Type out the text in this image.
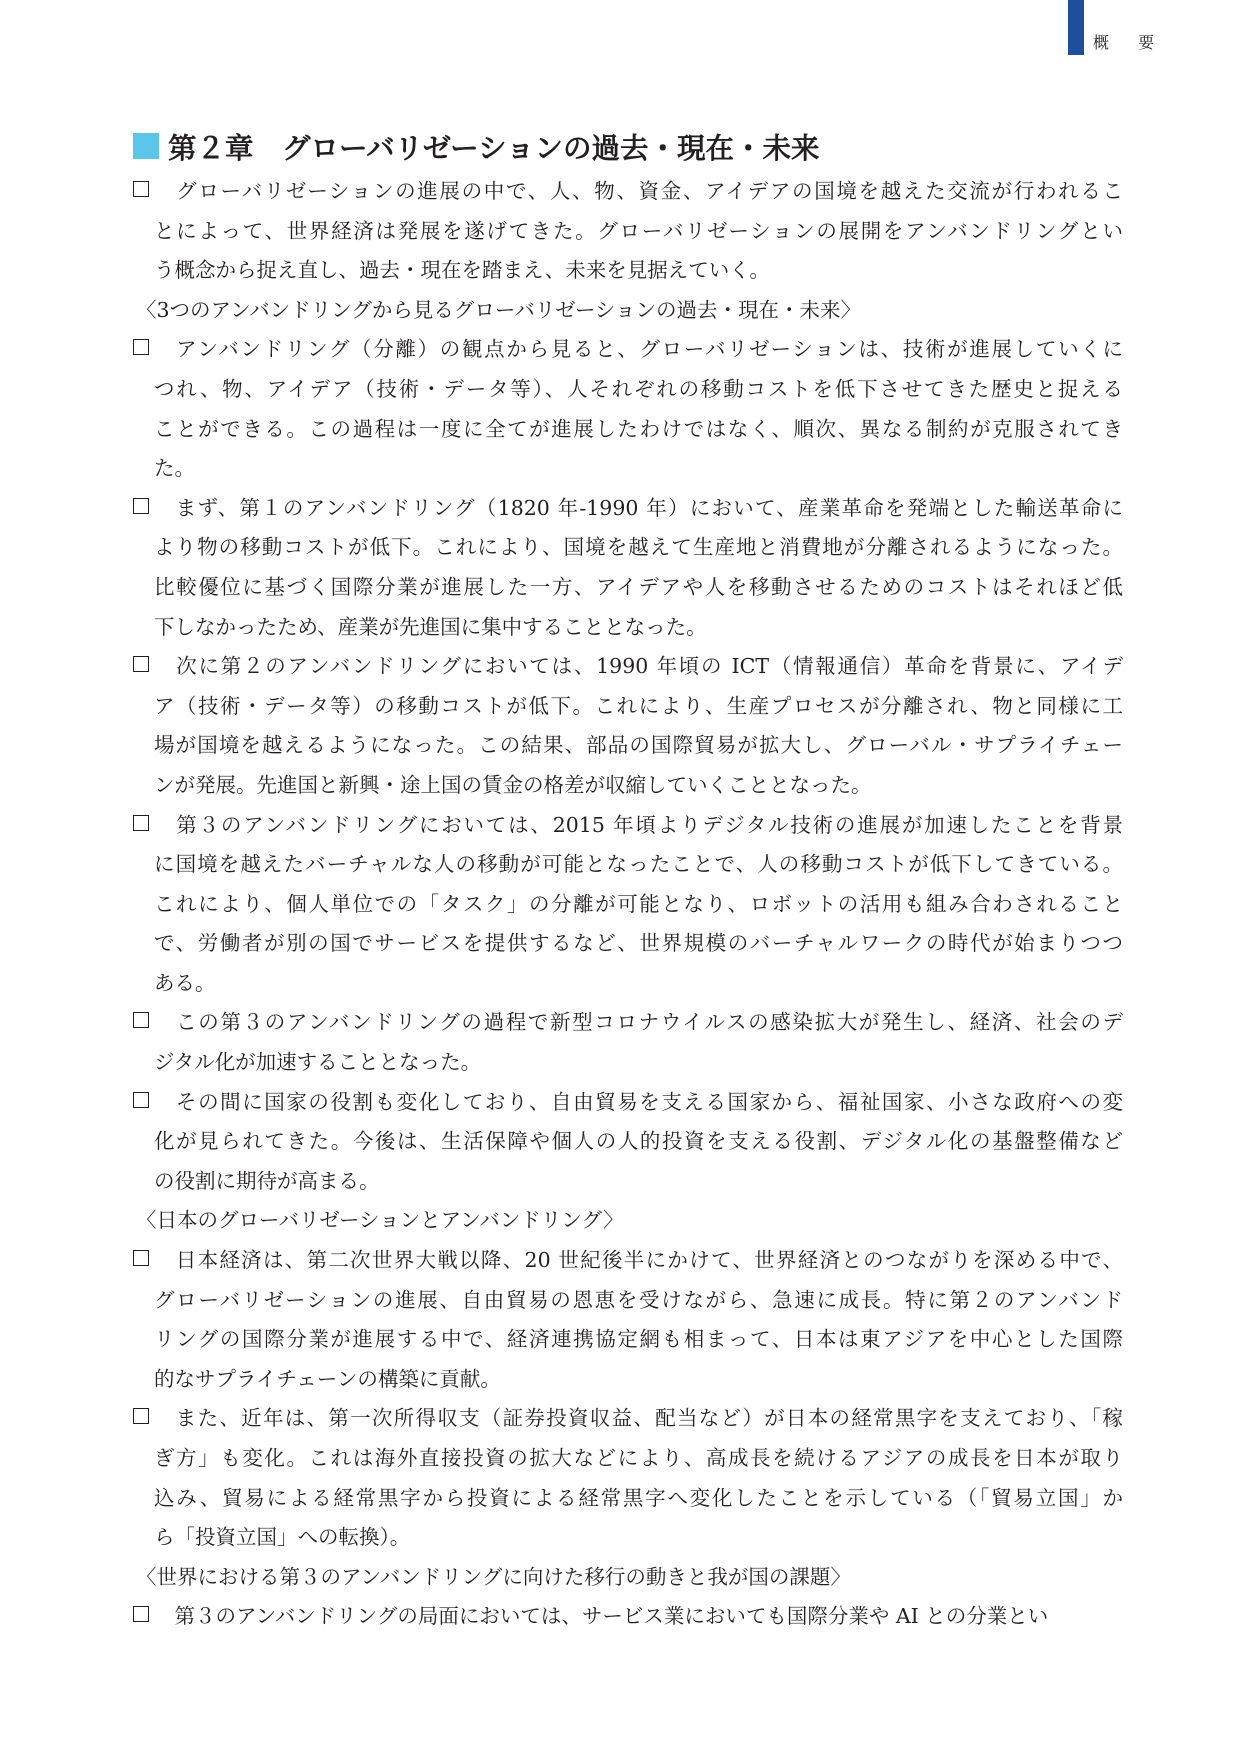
概 要
第２章　グローバリゼーションの過去・現在・未来
　グローバリゼーションの進展の中で、人、物、資金、アイデアの国境を越えた交流が行われるこ
とによって、世界経済は発展を遂げてきた。グローバリゼーションの展開をアンバンドリングとい
う概念から捉え直し、過去・現在を踏まえ、未来を見据えていく。
〈3つのアンバンドリングから見るグローバリゼーションの過去・現在・未来〉
　アンバンドリング（分離）の観点から見ると、グローバリゼーションは、技術が進展していくに
つれ、物、アイデア（技術・データ等）、人それぞれの移動コストを低下させてきた歴史と捉える
ことができる。この過程は一度に全てが進展したわけではなく、順次、異なる制約が克服されてき
た。
　まず、第１のアンバンドリング（1820 年-1990 年）において、産業革命を発端とした輸送革命に
より物の移動コストが低下。これにより、国境を越えて生産地と消費地が分離されるようになった。
比較優位に基づく国際分業が進展した一方、アイデアや人を移動させるためのコストはそれほど低
下しなかったため、産業が先進国に集中することとなった。
　次に第２のアンバンドリングにおいては、1990 年頃の ICT（情報通信）革命を背景に、アイデ
ア（技術・データ等）の移動コストが低下。これにより、生産プロセスが分離され、物と同様に工
場が国境を越えるようになった。この結果、部品の国際貿易が拡大し、グローバル・サプライチェー
ンが発展。先進国と新興・途上国の賃金の格差が収縮していくこととなった。
　第３のアンバンドリングにおいては、2015 年頃よりデジタル技術の進展が加速したことを背景
に国境を越えたバーチャルな人の移動が可能となったことで、人の移動コストが低下してきている。
これにより、個人単位での「タスク」の分離が可能となり、ロボットの活用も組み合わされること
で、労働者が別の国でサービスを提供するなど、世界規模のバーチャルワークの時代が始まりつつ
ある。
　この第３のアンバンドリングの過程で新型コロナウイルスの感染拡大が発生し、経済、社会のデ
ジタル化が加速することとなった。
　その間に国家の役割も変化しており、自由貿易を支える国家から、福祉国家、小さな政府への変
化が見られてきた。今後は、生活保障や個人の人的投資を支える役割、デジタル化の基盤整備など
の役割に期待が高まる。
〈日本のグローバリゼーションとアンバンドリング〉
　日本経済は、第二次世界大戦以降、20 世紀後半にかけて、世界経済とのつながりを深める中で、
グローバリゼーションの進展、自由貿易の恩恵を受けながら、急速に成長。特に第２のアンバンド
リングの国際分業が進展する中で、経済連携協定網も相まって、日本は東アジアを中心とした国際
的なサプライチェーンの構築に貢献。
　また、近年は、第一次所得収支（証券投資収益、配当など）が日本の経常黒字を支えており、「稼
ぎ方」も変化。これは海外直接投資の拡大などにより、高成長を続けるアジアの成長を日本が取り
込み、貿易による経常黒字から投資による経常黒字へ変化したことを示している（「貿易立国」か
ら「投資立国」への転換）。
〈世界における第３のアンバンドリングに向けた移行の動きと我が国の課題〉
　第３のアンバンドリングの局面においては、サービス業においても国際分業や AI との分業とい
